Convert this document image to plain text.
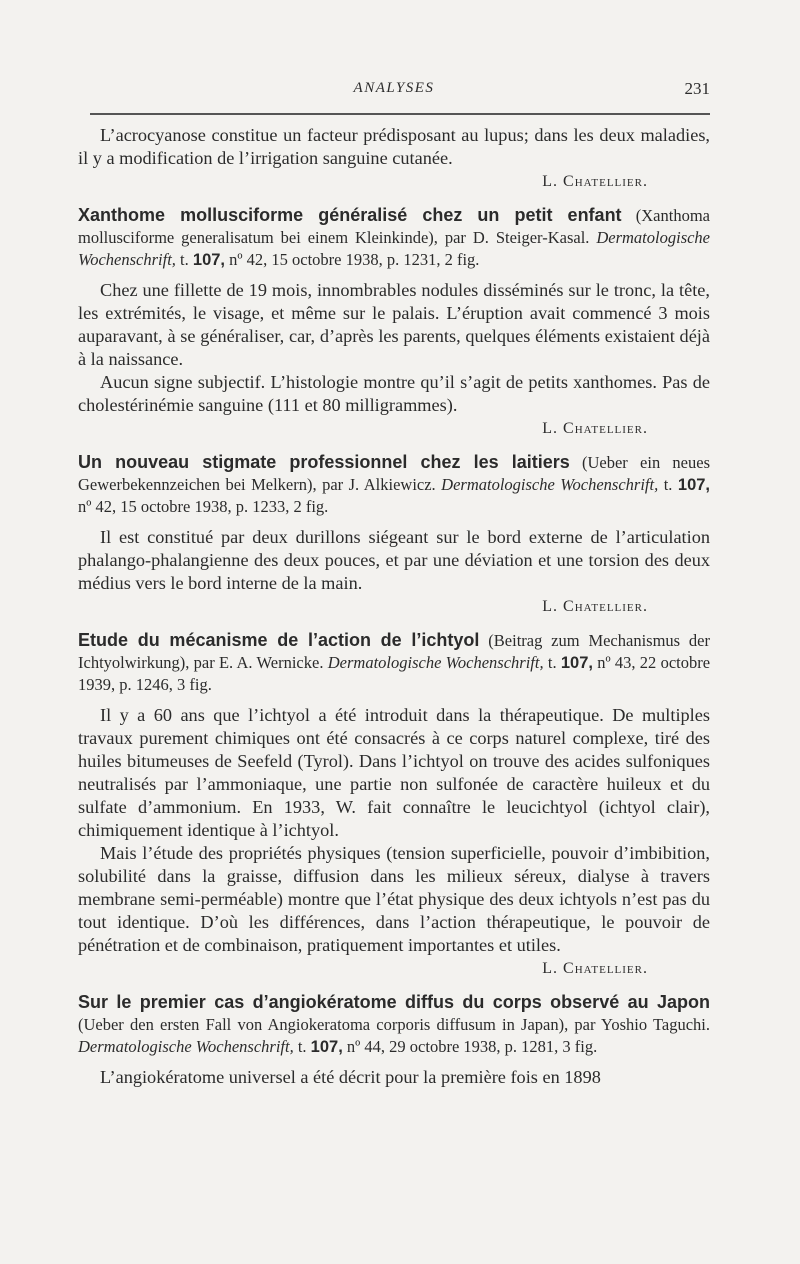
ANALYSES	231

L’acrocyanose constitue un facteur prédisposant au lupus; dans les deux maladies, il y a modification de l’irrigation sanguine cutanée.

L. Chatellier.
Xanthome mollusciforme généralisé chez un petit enfant (Xanthoma mollusciforme generalisatum bei einem Kleinkinde), par D. Steiger-Kasal. Dermatologische Wochenschrift, t. 107, nº 42, 15 octobre 1938, p. 1231, 2 fig.

Chez une fillette de 19 mois, innombrables nodules disséminés sur le tronc, la tête, les extrémités, le visage, et même sur le palais. L’éruption avait commencé 3 mois auparavant, à se généraliser, car, d’après les parents, quelques éléments existaient déjà à la naissance.

Aucun signe subjectif. L’histologie montre qu’il s’agit de petits xanthomes. Pas de cholestérinémie sanguine (111 et 80 milligrammes).

L. Chatellier.
Un nouveau stigmate professionnel chez les laitiers (Ueber ein neues Gewerbekennzeichen bei Melkern), par J. Alkiewicz. Dermatologische Wochenschrift, t. 107, nº 42, 15 octobre 1938, p. 1233, 2 fig.

Il est constitué par deux durillons siégeant sur le bord externe de l’articulation phalango-phalangienne des deux pouces, et par une déviation et une torsion des deux médius vers le bord interne de la main.

L. Chatellier.
Etude du mécanisme de l’action de l’ichtyol (Beitrag zum Mechanismus der Ichtyolwirkung), par E. A. Wernicke. Dermatologische Wochenschrift, t. 107, nº 43, 22 octobre 1939, p. 1246, 3 fig.

Il y a 60 ans que l’ichtyol a été introduit dans la thérapeutique. De multiples travaux purement chimiques ont été consacrés à ce corps naturel complexe, tiré des huiles bitumeuses de Seefeld (Tyrol). Dans l’ichtyol on trouve des acides sulfoniques neutralisés par l’ammoniaque, une partie non sulfonée de caractère huileux et du sulfate d’ammonium. En 1933, W. fait connaître le leucichtyol (ichtyol clair), chimiquement identique à l’ichtyol.

Mais l’étude des propriétés physiques (tension superficielle, pouvoir d’imbibition, solubilité dans la graisse, diffusion dans les milieux séreux, dialyse à travers membrane semi-perméable) montre que l’état physique des deux ichtyols n’est pas du tout identique. D’où les différences, dans l’action thérapeutique, le pouvoir de pénétration et de combinaison, pratiquement importantes et utiles.

L. Chatellier.
Sur le premier cas d’angiokératome diffus du corps observé au Japon (Ueber den ersten Fall von Angiokeratoma corporis diffusum in Japan), par Yoshio Taguchi. Dermatologische Wochenschrift, t. 107, nº 44, 29 octobre 1938, p. 1281, 3 fig.

L’angiokératome universel a été décrit pour la première fois en 1898
